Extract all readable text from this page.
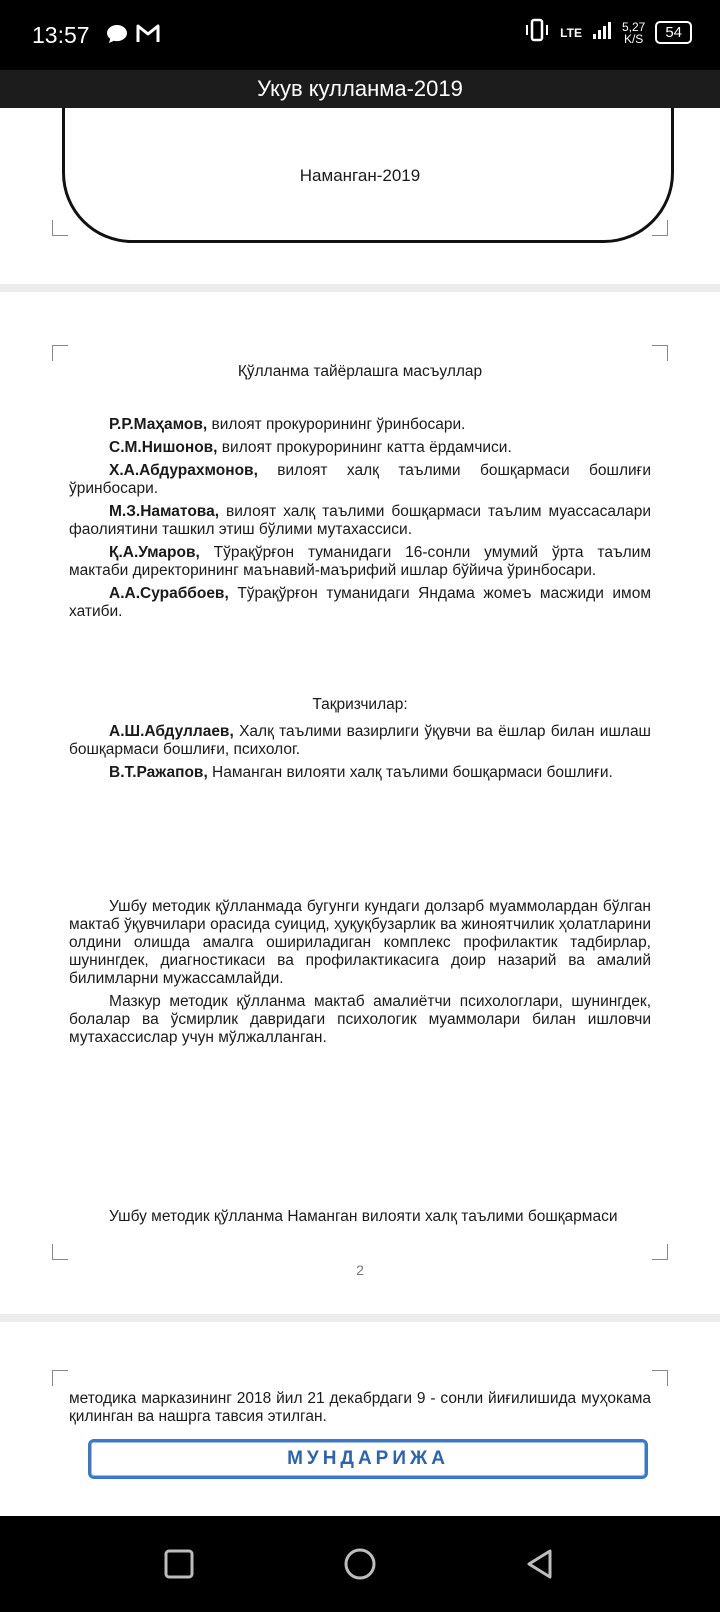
13:57	LTE	5,27
K/S	54
Укув кулланма-2019
Наманган-2019
Қўлланма тайёрлашга масъуллар

Р.Р.Маҳамов, вилоят прокурорининг ўринбосари.

С.М.Нишонов, вилоят прокурорининг катта ёрдамчиси.

Х.А.Абдурахмонов, вилоят халқ таълими бошқармаси бошлиғи ўринбосари.

М.З.Наматова, вилоят халқ таълими бошқармаси таълим муассасалари фаолиятини ташкил этиш бўлими мутахассиси.

Қ.А.Умаров, Тўрақўрғон туманидаги 16-сонли умумий ўрта таълим мактаби директорининг маънавий-маърифий ишлар бўйича ўринбосари.

А.А.Сураббоев, Тўрақўрғон туманидаги Яндама жомеъ масжиди имом хатиби.

Тақризчилар:

А.Ш.Абдуллаев, Халқ таълими вазирлиги ўқувчи ва ёшлар билан ишлаш бошқармаси бошлиғи, психолог.

В.Т.Ражапов, Наманган вилояти халқ таълими бошқармаси бошлиғи.

Ушбу методик қўлланмада бугунги кундаги долзарб муаммолардан бўлган мактаб ўқувчилари орасида суицид, ҳуқуқбузарлик ва жиноятчилик ҳолатларини олдини олишда амалга ошириладиган комплекс профилактик тадбирлар, шунингдек, диагностикаси ва профилактикасига доир назарий ва амалий билимларни мужассамлайди.

Мазкур методик қўлланма мактаб амалиётчи психологлари, шунингдек, болалар ва ўсмирлик давридаги психологик муаммолари билан ишловчи мутахассислар учун мўлжалланган.

Ушбу методик қўлланма Наманган вилояти халқ таълими бошқармаси

2
методика марказининг 2018 йил 21 декабрдаги 9 - сонли йиғилишида муҳокама қилинган ва нашрга тавсия этилган.
МУНДАРИЖА
